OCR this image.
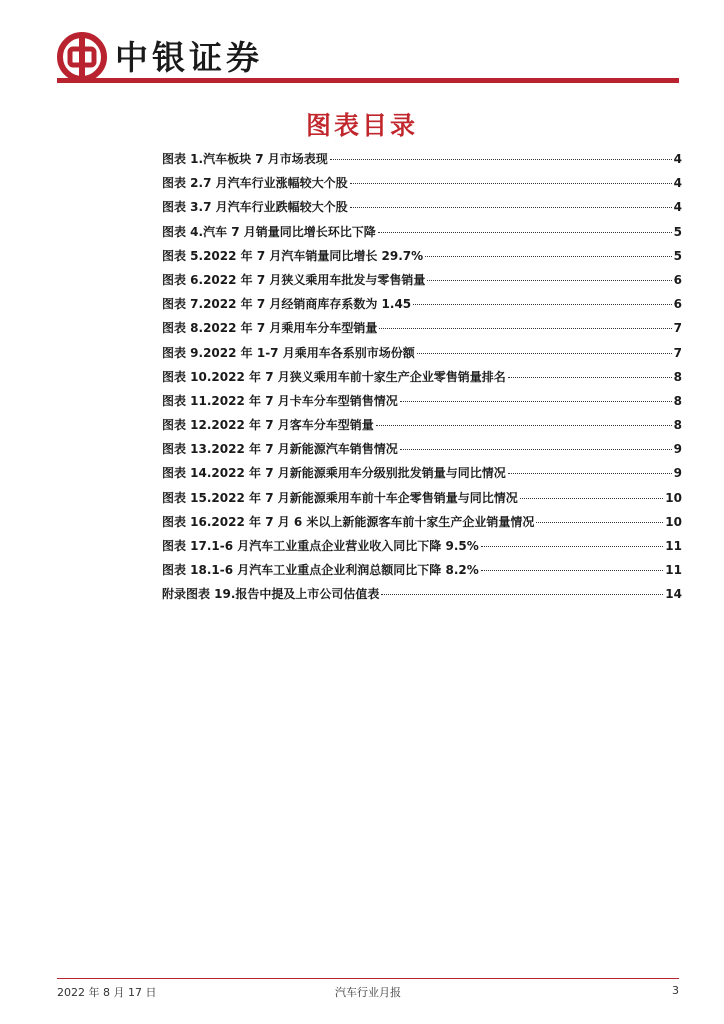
中银证券
图表目录
图表 1.汽车板块 7 月市场表现	4
图表 2.7 月汽车行业涨幅较大个股	4
图表 3.7 月汽车行业跌幅较大个股	4
图表 4.汽车 7 月销量同比增长环比下降	5
图表 5.2022 年 7 月汽车销量同比增长 29.7%	5
图表 6.2022 年 7 月狭义乘用车批发与零售销量	6
图表 7.2022 年 7 月经销商库存系数为 1.45	6
图表 8.2022 年 7 月乘用车分车型销量	7
图表 9.2022 年 1-7 月乘用车各系别市场份额	7
图表 10.2022 年 7 月狭义乘用车前十家生产企业零售销量排名	8
图表 11.2022 年 7 月卡车分车型销售情况	8
图表 12.2022 年 7 月客车分车型销量	8
图表 13.2022 年 7 月新能源汽车销售情况	9
图表 14.2022 年 7 月新能源乘用车分级别批发销量与同比情况	9
图表 15.2022 年 7 月新能源乘用车前十车企零售销量与同比情况	10
图表 16.2022 年 7 月 6 米以上新能源客车前十家生产企业销量情况	10
图表 17.1-6 月汽车工业重点企业营业收入同比下降 9.5%	11
图表 18.1-6 月汽车工业重点企业利润总额同比下降 8.2%	11
附录图表 19.报告中提及上市公司估值表	14
2022 年 8 月 17 日	汽车行业月报	3
